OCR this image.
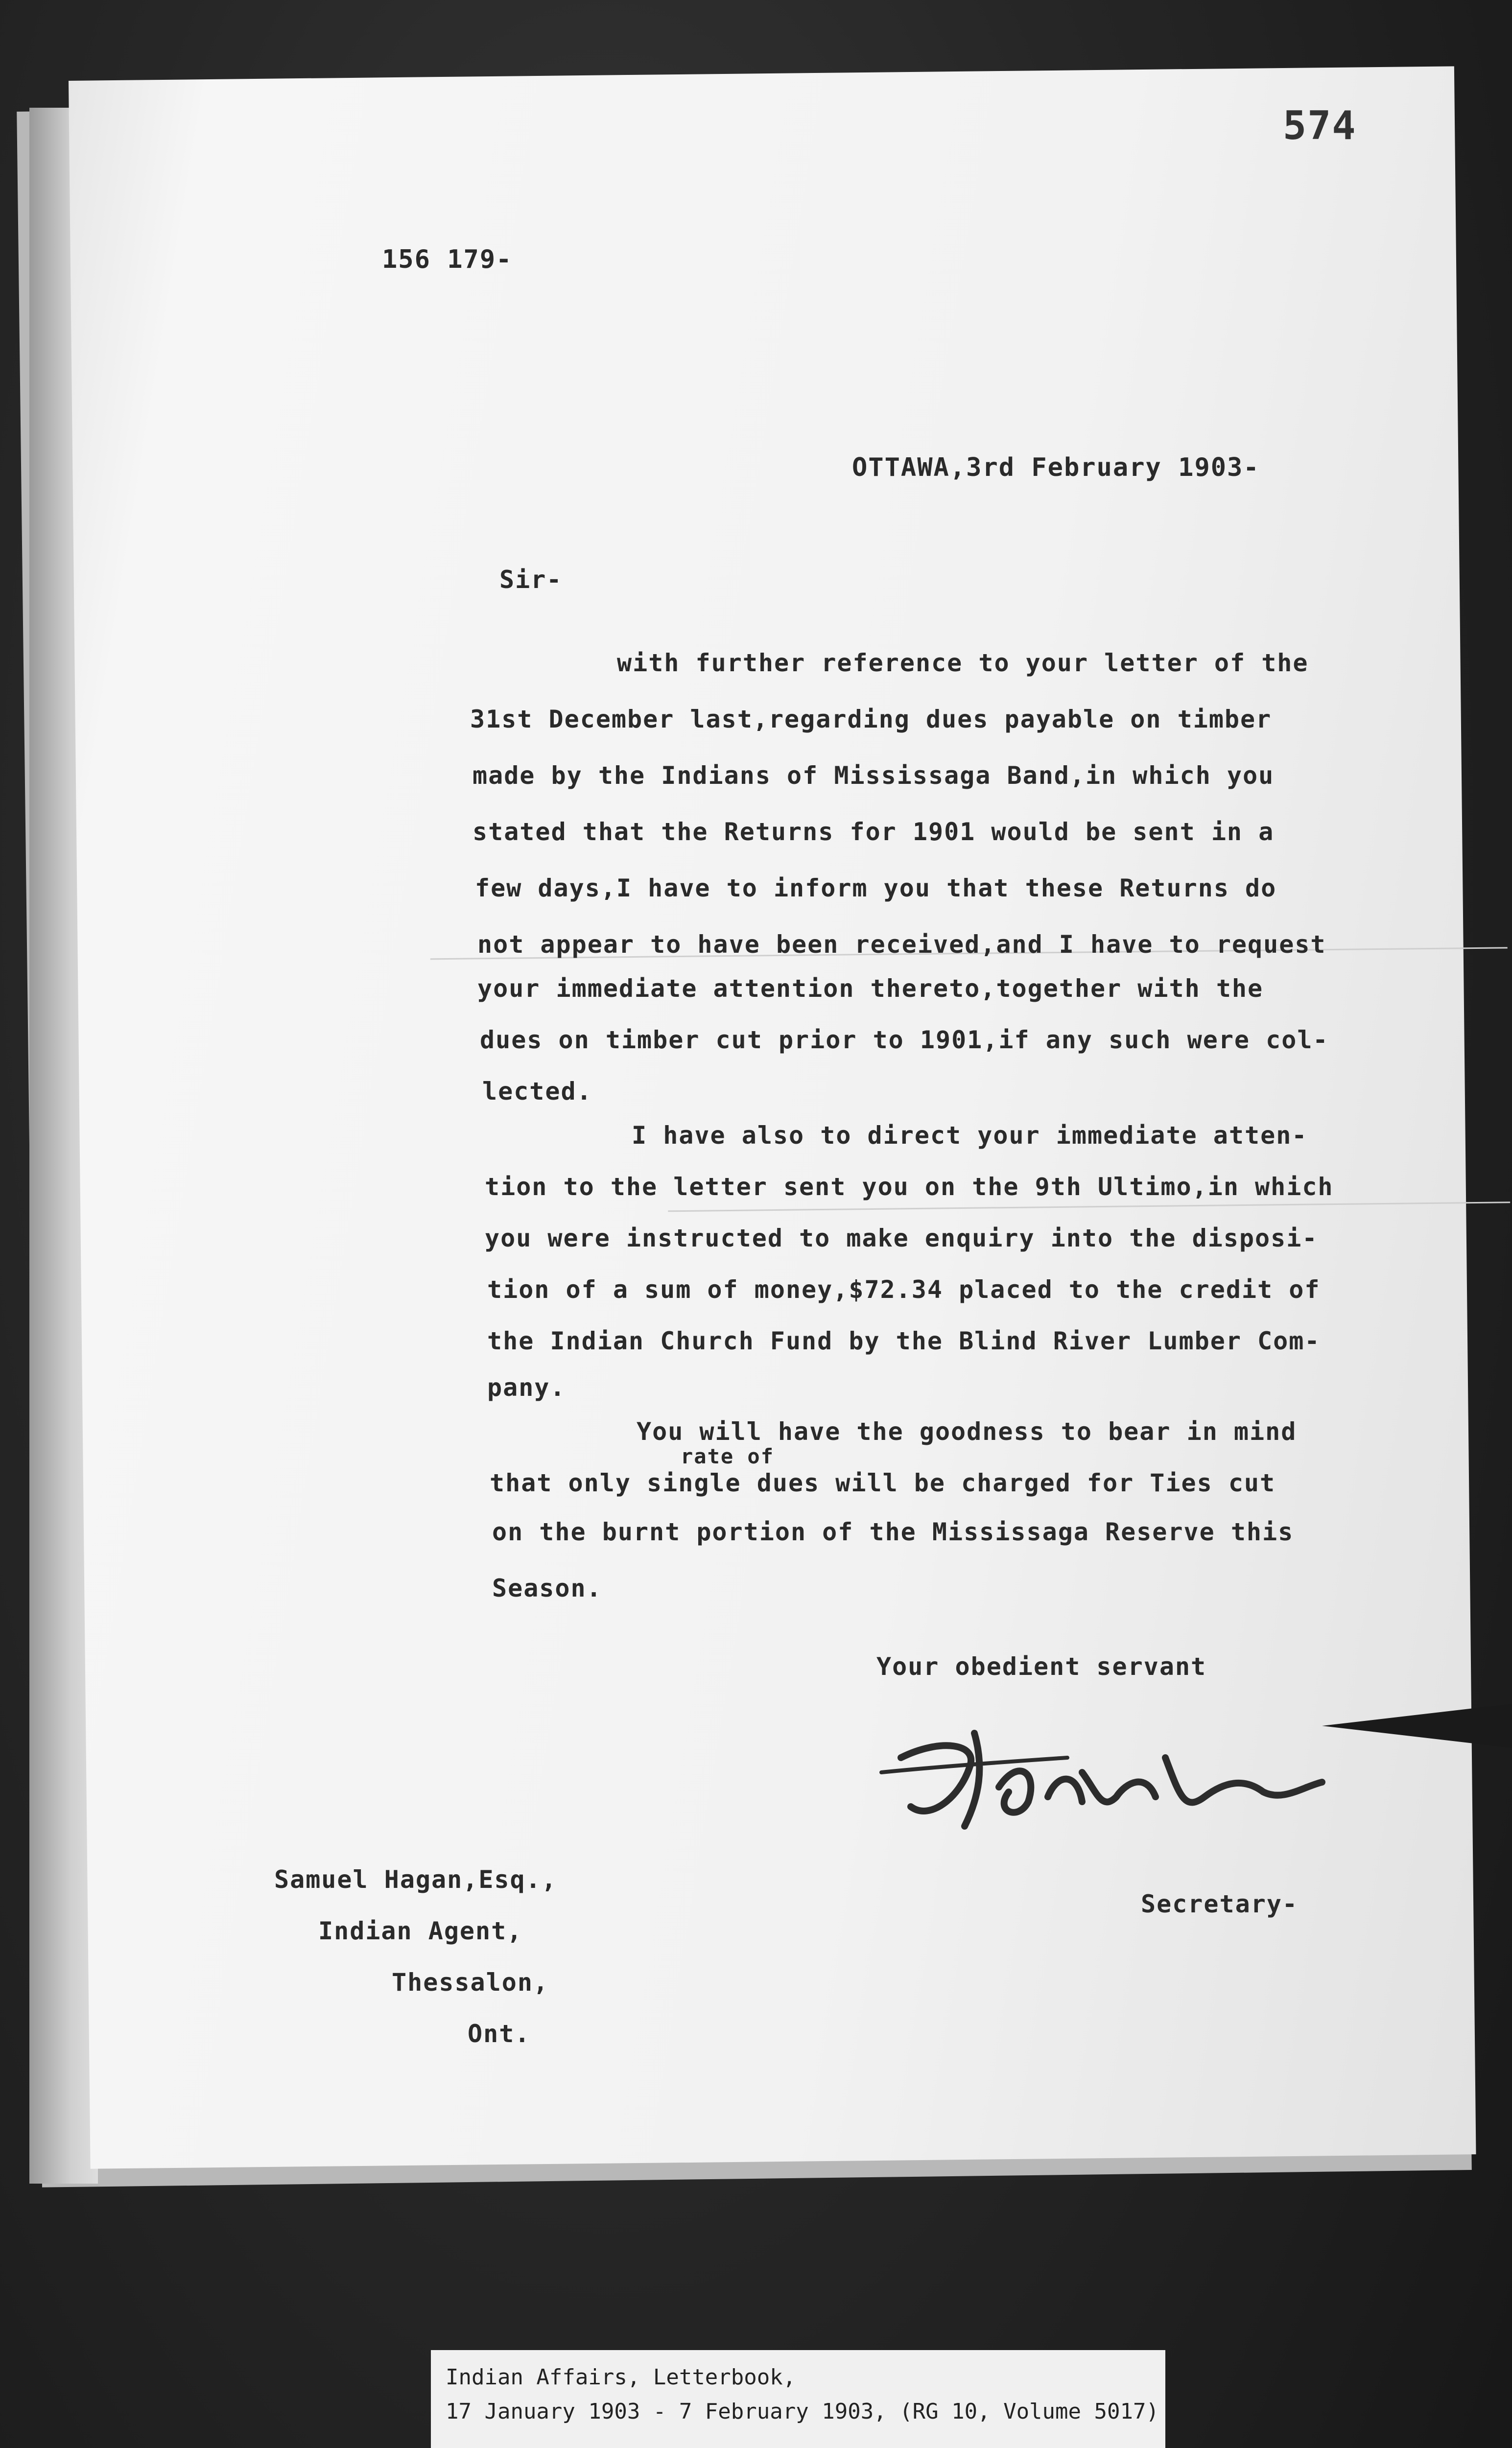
574
156 179-
OTTAWA,3rd February 1903-
Sir-
with further reference to your letter of the
31st December last,regarding dues payable on timber
made by the Indians of Mississaga Band,in which you
stated that the Returns for 1901 would be sent in a
few days,I have to inform you that these Returns do
not appear to have been received,and I have to request
your immediate attention thereto,together with the
dues on timber cut prior to 1901,if any such were col-
lected.
I have also to direct your immediate atten-
tion to the letter sent you on the 9th Ultimo,in which
you were instructed to make enquiry into the disposi-
tion of a sum of money,$72.34 placed to the credit of
the Indian Church Fund by the Blind River Lumber Com-
pany.
You will have the goodness to bear in mind
rate of
that only single dues will be charged for Ties cut
on the burnt portion of the Mississaga Reserve this
Season.
Your obedient servant
Secretary-
Samuel Hagan,Esq.,
Indian Agent,
Thessalon,
Ont.
Indian Affairs, Letterbook,
17 January 1903 - 7 February 1903, (RG 10, Volume 5017)
